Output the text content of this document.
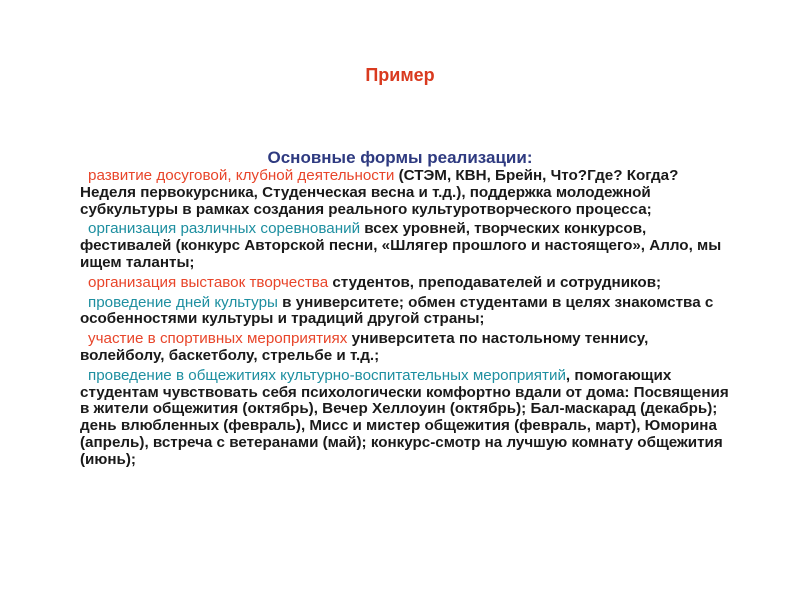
Пример
Основные формы реализации:
развитие досуговой, клубной деятельности (СТЭМ, КВН, Брейн, Что?Где? Когда? Неделя первокурсника, Студенческая весна и т.д.), поддержка молодежной субкультуры в рамках создания реального культуротворческого процесса;
организация различных соревнований всех уровней, творческих конкурсов, фестивалей (конкурс Авторской песни, «Шлягер прошлого и настоящего», Алло, мы ищем таланты;
организация выставок творчества студентов, преподавателей и сотрудников;
проведение дней культуры в университете; обмен студентами в целях знакомства с особенностями культуры и традиций другой страны;
участие в спортивных мероприятиях университета по настольному теннису, волейболу, баскетболу, стрельбе и т.д.;
проведение в общежитиях культурно-воспитательных мероприятий, помогающих студентам чувствовать себя психологически комфортно вдали от дома: Посвящения в жители общежития (октябрь), Вечер Хеллоуин (октябрь); Бал-маскарад (декабрь); день влюбленных (февраль), Мисс и мистер общежития (февраль, март), Юморина (апрель), встреча с ветеранами (май); конкурс-смотр на лучшую комнату общежития (июнь);
